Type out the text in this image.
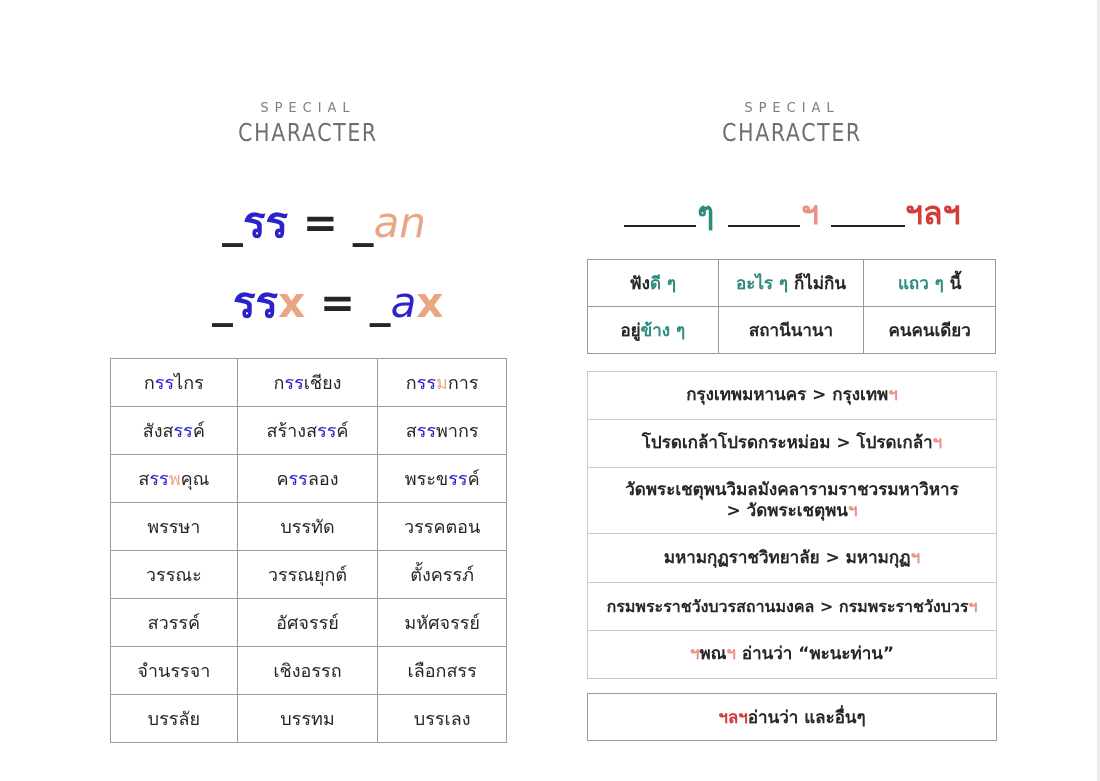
SPECIAL
CHARACTER
_รร = _an
_รรx = _ax
กรรไกร	กรรเชียง	กรรมการ
สังสรรค์	สร้างสรรค์	สรรพากร
สรรพคุณ	ครรลอง	พระขรรค์
พรรษา	บรรทัด	วรรคตอน
วรรณะ	วรรณยุกต์	ตั้งครรภ์
สวรรค์	อัศจรรย์	มหัศจรรย์
จำนรรจา	เชิงอรรถ	เลือกสรร
บรรลัย	บรรทม	บรรเลง
SPECIAL
CHARACTER
ๆ	ฯ	ฯลฯ
ฟังดี ๆ	อะไร ๆ ก็ไม่กิน	แถว ๆ นี้
อยู่ข้าง ๆ	สถานีนานา	คนคนเดียว
กรุงเทพมหานคร > กรุงเทพฯ
โปรดเกล้าโปรดกระหม่อม > โปรดเกล้าฯ
วัดพระเชตุพนวิมลมังคลารามราชวรมหาวิหาร
> วัดพระเชตุพนฯ
มหามกุฏราชวิทยาลัย > มหามกุฏฯ
กรมพระราชวังบวรสถานมงคล > กรมพระราชวังบวรฯ
ฯพณฯ อ่านว่า “พะนะท่าน”
ฯลฯ อ่านว่า และอื่นๆ
